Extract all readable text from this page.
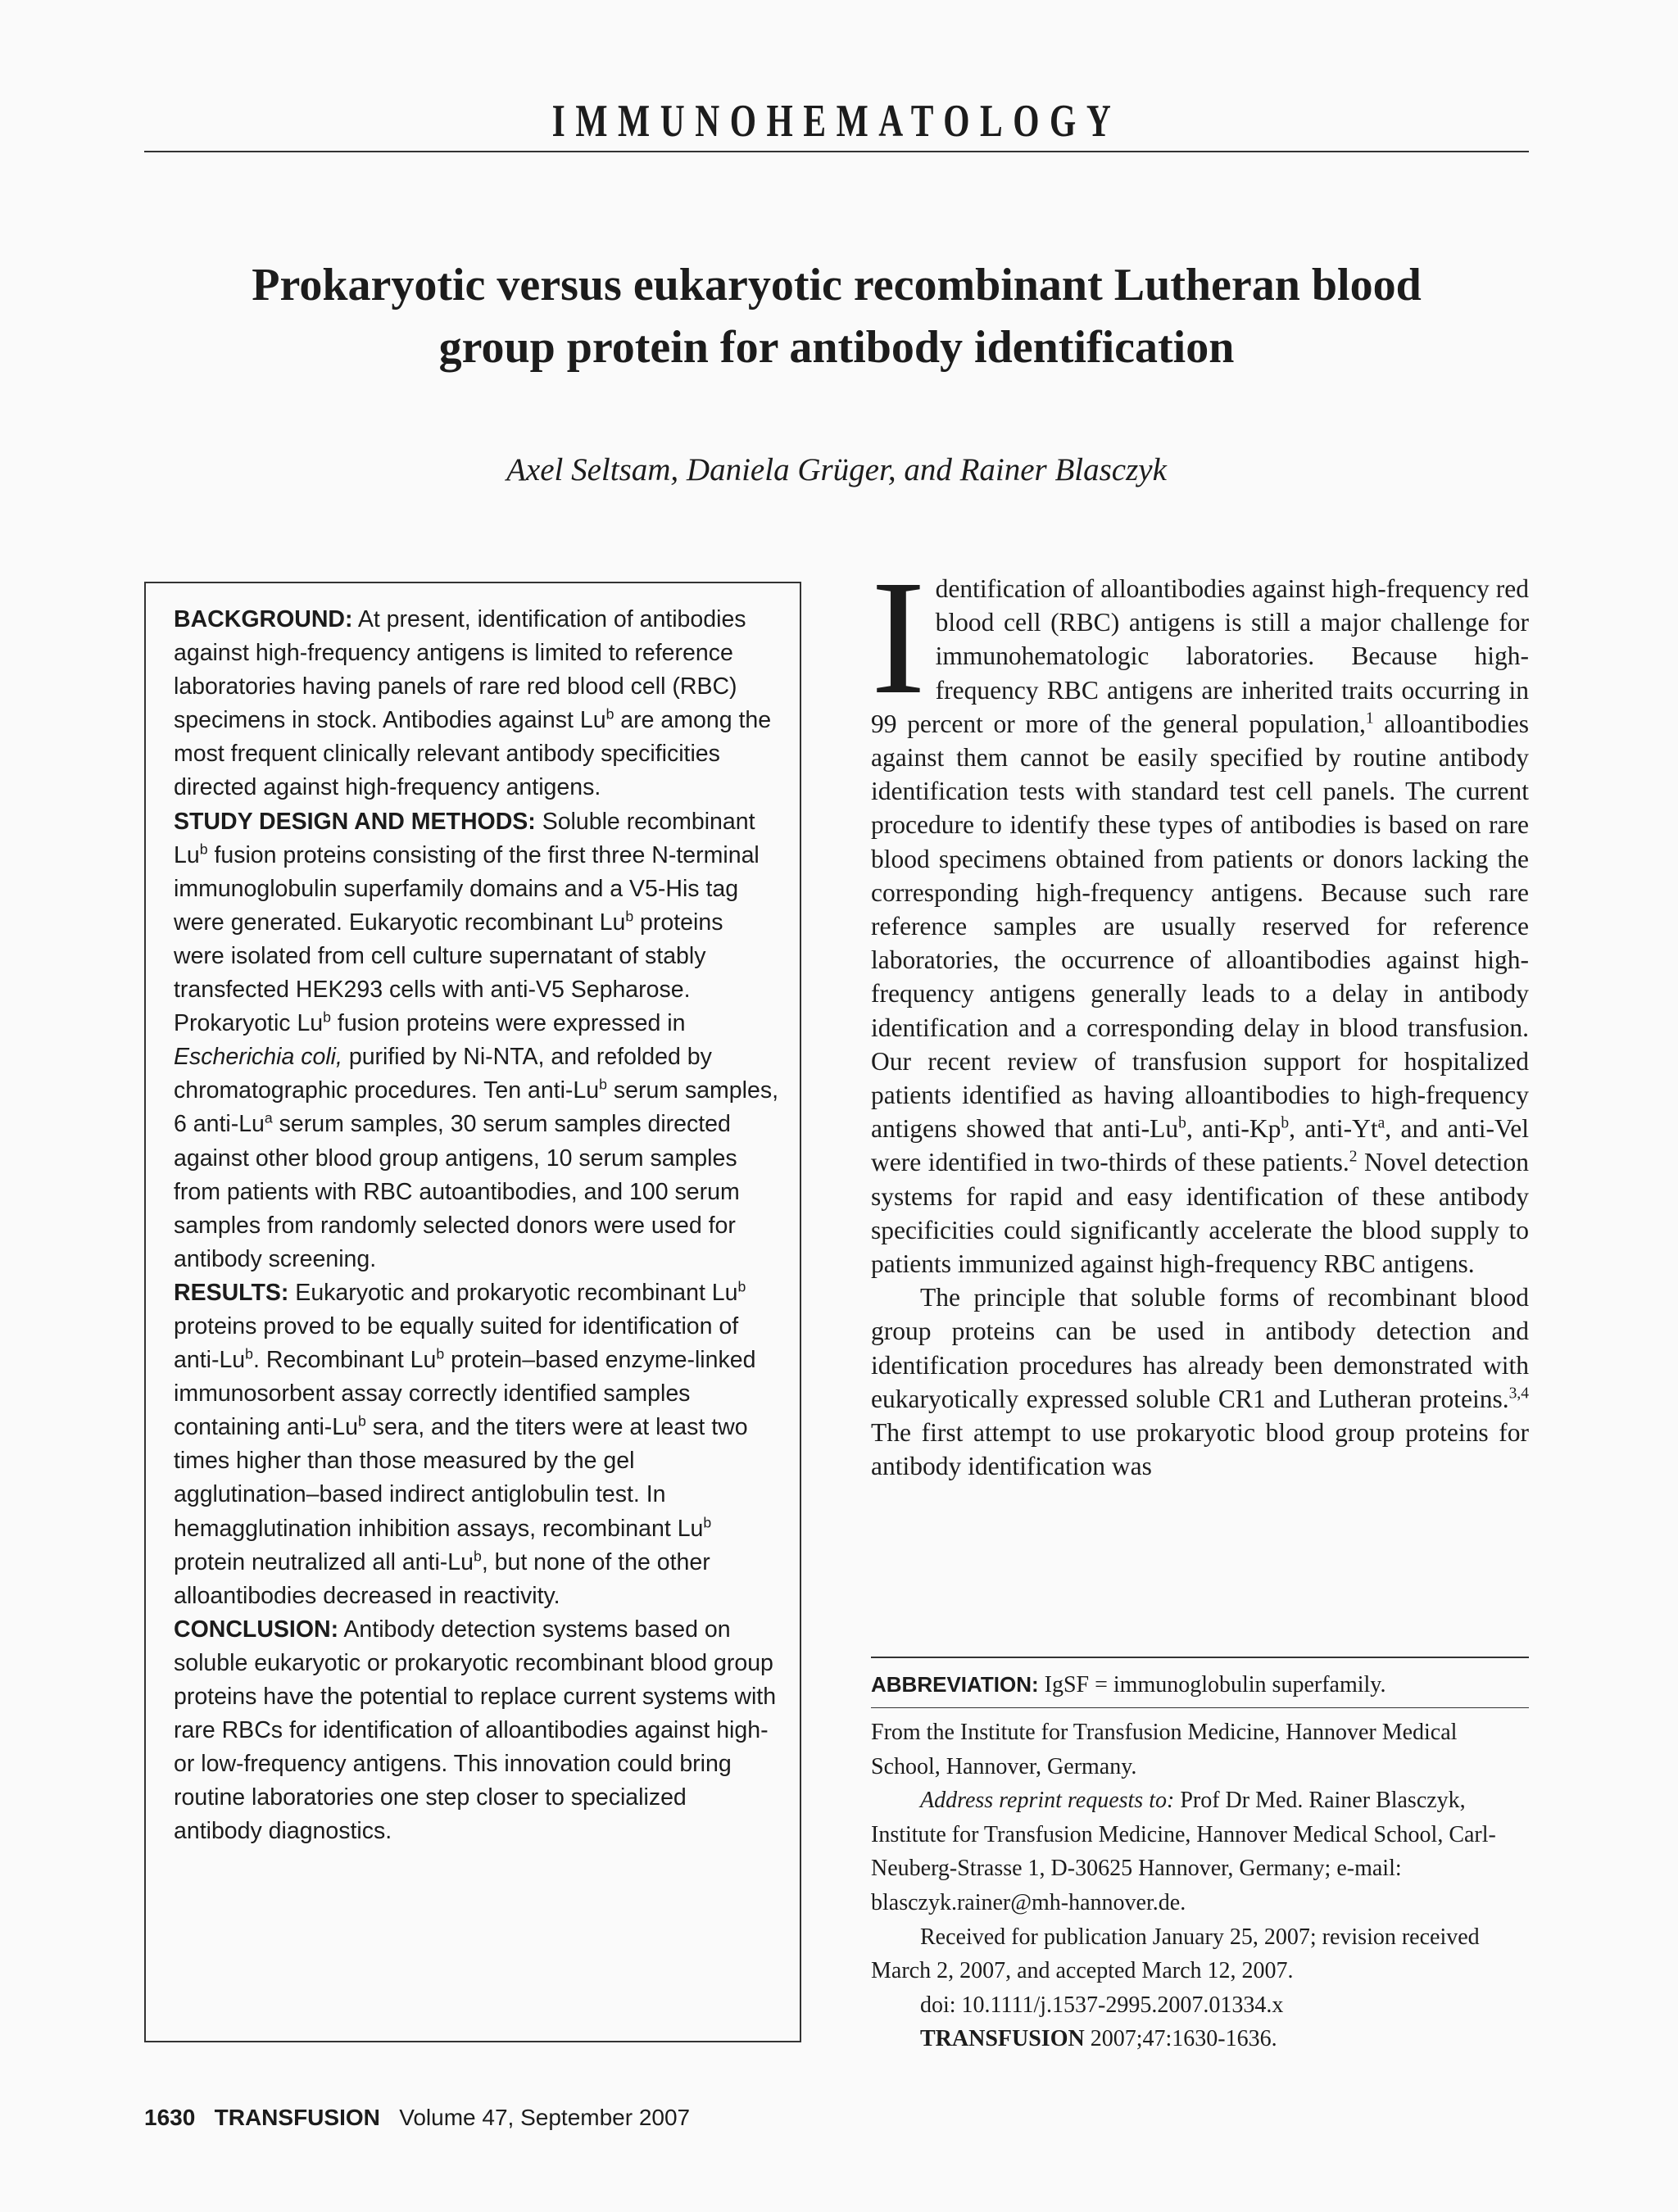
IMMUNOHEMATOLOGY
Prokaryotic versus eukaryotic recombinant Lutheran blood
group protein for antibody identification
Axel Seltsam, Daniela Grüger, and Rainer Blasczyk
BACKGROUND: At present, identification of antibodies against high-frequency antigens is limited to reference laboratories having panels of rare red blood cell (RBC) specimens in stock. Antibodies against Lu$^b$ are among the most frequent clinically relevant antibody specificities directed against high-frequency antigens.
STUDY DESIGN AND METHODS: Soluble recombinant Lu$^b$ fusion proteins consisting of the first three N-terminal immunoglobulin superfamily domains and a V5-His tag were generated. Eukaryotic recombinant Lu$^b$ proteins were isolated from cell culture supernatant of stably transfected HEK293 cells with anti-V5 Sepharose. Prokaryotic Lu$^b$ fusion proteins were expressed in Escherichia coli, purified by Ni-NTA, and refolded by chromatographic procedures. Ten anti-Lu$^b$ serum samples, 6 anti-Lu$^a$ serum samples, 30 serum samples directed against other blood group antigens, 10 serum samples from patients with RBC autoantibodies, and 100 serum samples from randomly selected donors were used for antibody screening.
RESULTS: Eukaryotic and prokaryotic recombinant Lu$^b$ proteins proved to be equally suited for identification of anti-Lu$^b$. Recombinant Lu$^b$ protein–based enzyme-linked immunosorbent assay correctly identified samples containing anti-Lu$^b$ sera, and the titers were at least two times higher than those measured by the gel agglutination–based indirect antiglobulin test. In hemagglutination inhibition assays, recombinant Lu$^b$ protein neutralized all anti-Lu$^b$, but none of the other alloantibodies decreased in reactivity.
CONCLUSION: Antibody detection systems based on soluble eukaryotic or prokaryotic recombinant blood group proteins have the potential to replace current systems with rare RBCs for identification of alloantibodies against high- or low-frequency antigens. This innovation could bring routine laboratories one step closer to specialized antibody diagnostics.

Identification of alloantibodies against high-frequency red blood cell (RBC) antigens is still a major challenge for immunohematologic laboratories. Because high-frequency RBC antigens are inherited traits occurring in 99 percent or more of the general population,$^1$ alloantibodies against them cannot be easily specified by routine antibody identification tests with standard test cell panels. The current procedure to identify these types of antibodies is based on rare blood specimens obtained from patients or donors lacking the corresponding high-frequency antigens. Because such rare reference samples are usually reserved for reference laboratories, the occurrence of alloantibodies against high-frequency antigens generally leads to a delay in antibody identification and a corresponding delay in blood transfusion. Our recent review of transfusion support for hospitalized patients identified as having alloantibodies to high-frequency antigens showed that anti-Lu$^b$, anti-Kp$^b$, anti-Yt$^a$, and anti-Vel were identified in two-thirds of these patients.$^2$ Novel detection systems for rapid and easy identification of these antibody specificities could significantly accelerate the blood supply to patients immunized against high-frequency RBC antigens.

The principle that soluble forms of recombinant blood group proteins can be used in antibody detection and identification procedures has already been demonstrated with eukaryotically expressed soluble CR1 and Lutheran proteins.$^{3,4}$ The first attempt to use prokaryotic blood group proteins for antibody identification was

ABBREVIATION: IgSF = immunoglobulin superfamily.

From the Institute for Transfusion Medicine, Hannover Medical School, Hannover, Germany.

Address reprint requests to: Prof Dr Med. Rainer Blasczyk, Institute for Transfusion Medicine, Hannover Medical School, Carl-Neuberg-Strasse 1, D-30625 Hannover, Germany; e-mail: blasczyk.rainer@mh-hannover.de.

Received for publication January 25, 2007; revision received March 2, 2007, and accepted March 12, 2007.

doi: 10.1111/j.1537-2995.2007.01334.x

TRANSFUSION 2007;47:1630-1636.

1630 TRANSFUSION Volume 47, September 2007
